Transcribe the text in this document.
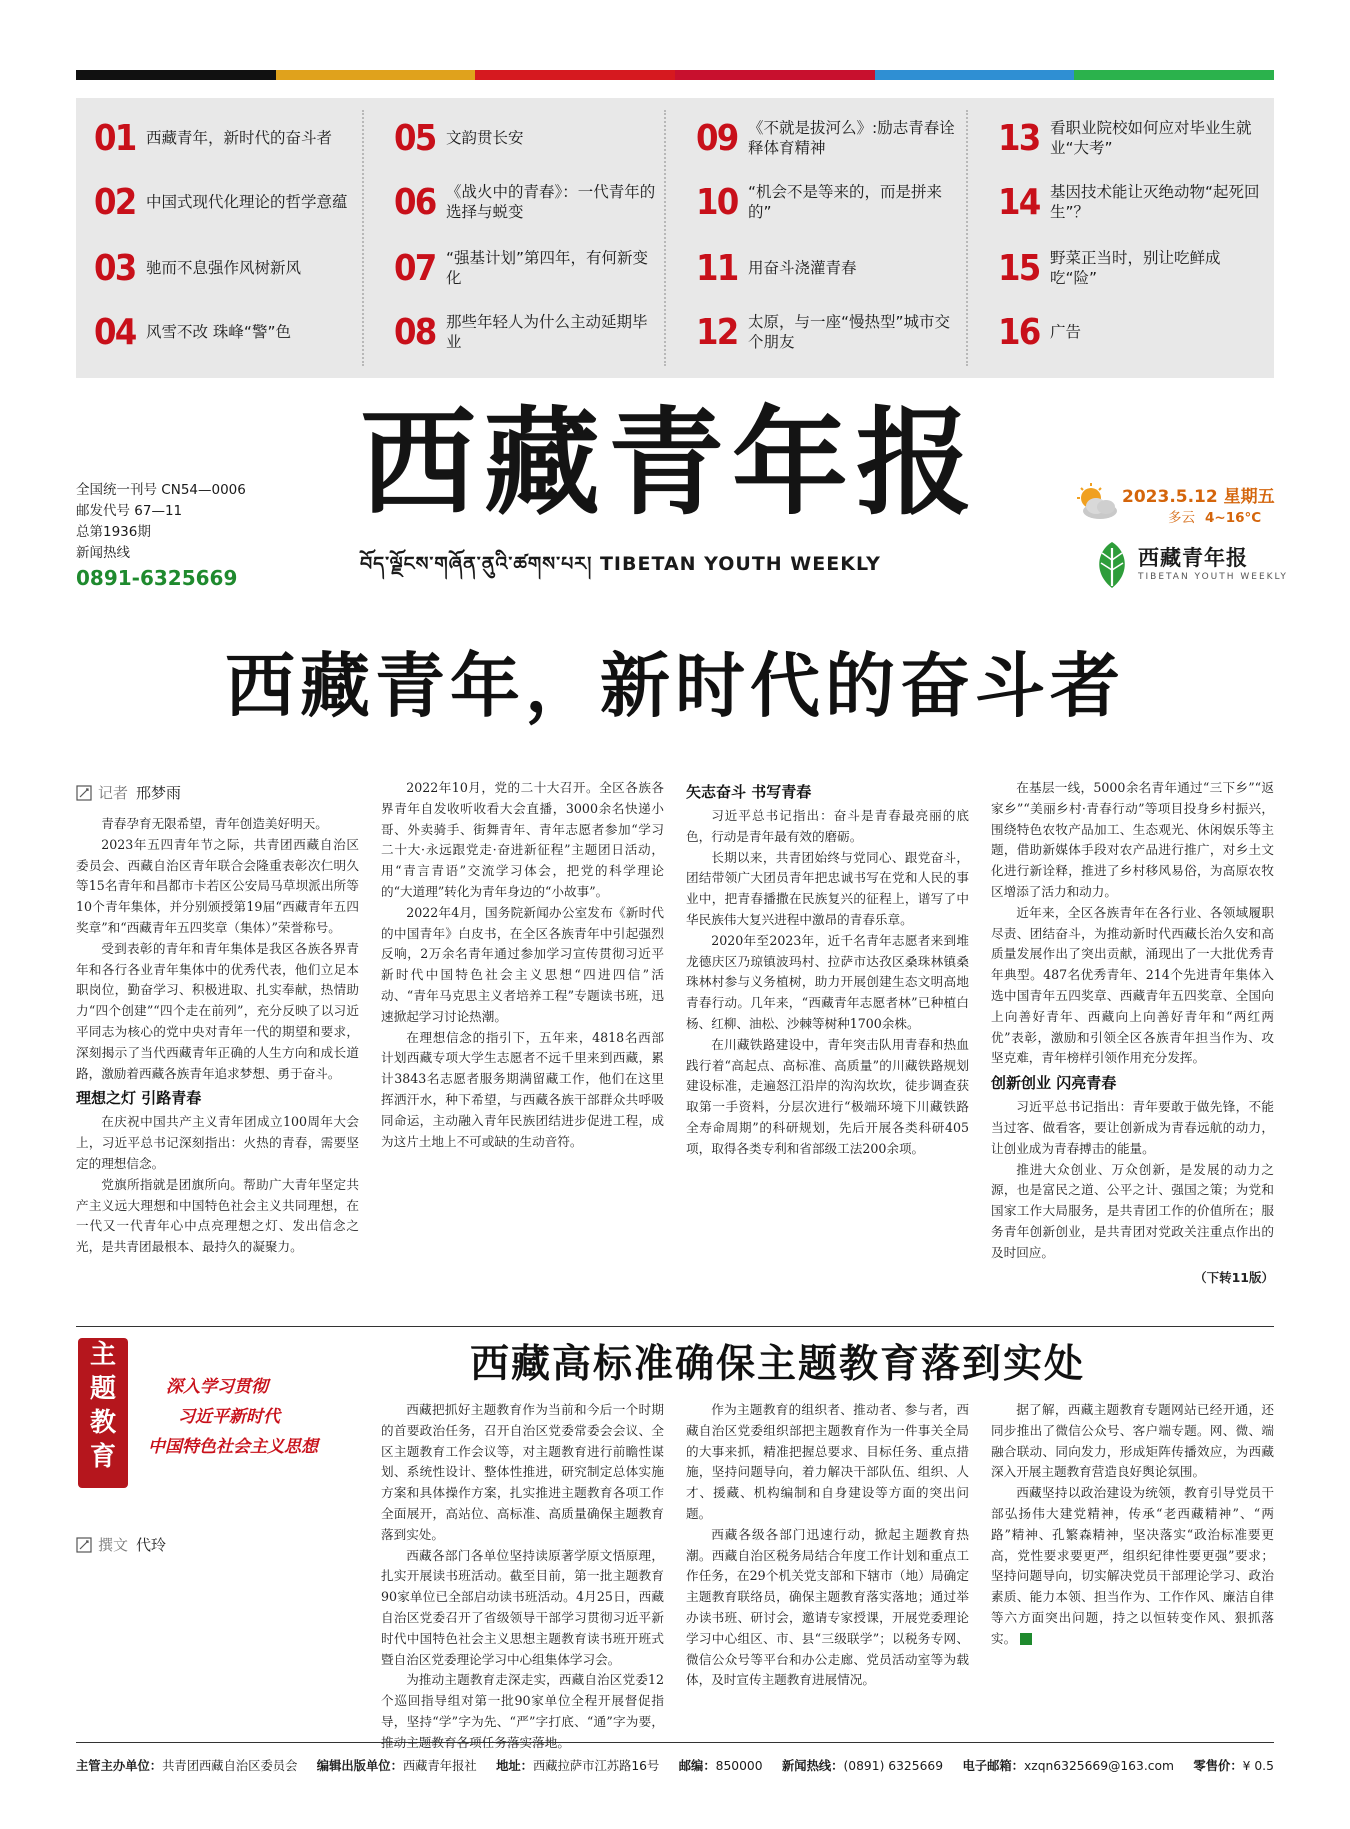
01 西藏青年，新时代的奋斗者
02 中国式现代化理论的哲学意蕴
03 驰而不息强作风树新风
04 风雪不改 珠峰“警”色
05 文韵贯长安
06 《战火中的青春》：一代青年的选择与蜕变
07 “强基计划”第四年，有何新变化
08 那些年轻人为什么主动延期毕业
09 《不就是拔河么》:励志青春诠释体育精神
10 “机会不是等来的，而是拼来的”
11 用奋斗浇灌青春
12 太原，与一座“慢热型”城市交个朋友
13 看职业院校如何应对毕业生就业“大考”
14 基因技术能让灭绝动物“起死回生”？
15 野菜正当时，别让吃鲜成吃“险”
16 广告
西藏青年报
བོད་ལྗོངས་གཞོན་ནུའི་ཚགས་པར། TIBETAN YOUTH WEEKLY
全国统一刊号 CN54—0006
邮发代号 67—11
总第1936期
新闻热线
0891-6325669
2023.5.12 星期五
多云 4~16°C
西藏青年报
TIBETAN YOUTH WEEKLY
西藏青年，新时代的奋斗者
记者 邢梦雨

青春孕育无限希望，青年创造美好明天。

2023年五四青年节之际，共青团西藏自治区委员会、西藏自治区青年联合会隆重表彰次仁明久等15名青年和昌都市卡若区公安局马草坝派出所等10个青年集体，并分别颁授第19届“西藏青年五四奖章”和“西藏青年五四奖章（集体）”荣誉称号。

受到表彰的青年和青年集体是我区各族各界青年和各行各业青年集体中的优秀代表，他们立足本职岗位，勤奋学习、积极进取、扎实奉献，热情助力“四个创建”“四个走在前列”，充分反映了以习近平同志为核心的党中央对青年一代的期望和要求，深刻揭示了当代西藏青年正确的人生方向和成长道路，激励着西藏各族青年追求梦想、勇于奋斗。

理想之灯 引路青春

在庆祝中国共产主义青年团成立100周年大会上，习近平总书记深刻指出：火热的青春，需要坚定的理想信念。

党旗所指就是团旗所向。帮助广大青年坚定共产主义远大理想和中国特色社会主义共同理想，在一代又一代青年心中点亮理想之灯、发出信念之光，是共青团最根本、最持久的凝聚力。

2022年10月，党的二十大召开。全区各族各界青年自发收听收看大会直播，3000余名快递小哥、外卖骑手、街舞青年、青年志愿者参加“学习二十大·永远跟党走·奋进新征程”主题团日活动，用“青言青语”交流学习体会，把党的科学理论的“大道理”转化为青年身边的“小故事”。

2022年4月，国务院新闻办公室发布《新时代的中国青年》白皮书，在全区各族青年中引起强烈反响，2万余名青年通过参加学习宣传贯彻习近平新时代中国特色社会主义思想“四进四信”活动、“青年马克思主义者培养工程”专题读书班，迅速掀起学习讨论热潮。

在理想信念的指引下，五年来，4818名西部计划西藏专项大学生志愿者不远千里来到西藏，累计3843名志愿者服务期满留藏工作，他们在这里挥洒汗水，种下希望，与西藏各族干部群众共呼吸同命运，主动融入青年民族团结进步促进工程，成为这片土地上不可或缺的生动音符。

矢志奋斗 书写青春

习近平总书记指出：奋斗是青春最亮丽的底色，行动是青年最有效的磨砺。

长期以来，共青团始终与党同心、跟党奋斗，团结带领广大团员青年把忠诚书写在党和人民的事业中，把青春播撒在民族复兴的征程上，谱写了中华民族伟大复兴进程中激昂的青春乐章。

2020年至2023年，近千名青年志愿者来到堆龙德庆区乃琼镇波玛村、拉萨市达孜区桑珠林镇桑珠林村参与义务植树，助力开展创建生态文明高地青春行动。几年来，“西藏青年志愿者林”已种植白杨、红柳、油松、沙棘等树种1700余株。

在川藏铁路建设中，青年突击队用青春和热血践行着“高起点、高标准、高质量”的川藏铁路规划建设标准，走遍怒江沿岸的沟沟坎坎，徒步调查获取第一手资料，分层次进行“极端环境下川藏铁路全寿命周期”的科研规划，先后开展各类科研405项，取得各类专利和省部级工法200余项。

在基层一线，5000余名青年通过“三下乡”“返家乡”“美丽乡村·青春行动”等项目投身乡村振兴，围绕特色农牧产品加工、生态观光、休闲娱乐等主题，借助新媒体手段对农产品进行推广，对乡土文化进行新诠释，推进了乡村移风易俗，为高原农牧区增添了活力和动力。

近年来，全区各族青年在各行业、各领域履职尽责、团结奋斗，为推动新时代西藏长治久安和高质量发展作出了突出贡献，涌现出了一大批优秀青年典型。487名优秀青年、214个先进青年集体入选中国青年五四奖章、西藏青年五四奖章、全国向上向善好青年、西藏向上向善好青年和“两红两优”表彰，激励和引领全区各族青年担当作为、攻坚克难，青年榜样引领作用充分发挥。

创新创业 闪亮青春

习近平总书记指出：青年要敢于做先锋，不能当过客、做看客，要让创新成为青春远航的动力，让创业成为青春搏击的能量。

推进大众创业、万众创新，是发展的动力之源，也是富民之道、公平之计、强国之策；为党和国家工作大局服务，是共青团工作的价值所在；服务青年创新创业，是共青团对党政关注重点作出的及时回应。

（下转11版）

主
题
教
育
深入学习贯彻
习近平新时代
中国特色社会主义思想
西藏高标准确保主题教育落到实处
撰文 代玲

西藏把抓好主题教育作为当前和今后一个时期的首要政治任务，召开自治区党委常委会会议、全区主题教育工作会议等，对主题教育进行前瞻性谋划、系统性设计、整体性推进，研究制定总体实施方案和具体操作方案，扎实推进主题教育各项工作全面展开，高站位、高标准、高质量确保主题教育落到实处。

西藏各部门各单位坚持读原著学原文悟原理，扎实开展读书班活动。截至目前，第一批主题教育90家单位已全部启动读书班活动。4月25日，西藏自治区党委召开了省级领导干部学习贯彻习近平新时代中国特色社会主义思想主题教育读书班开班式暨自治区党委理论学习中心组集体学习会。

为推动主题教育走深走实，西藏自治区党委12个巡回指导组对第一批90家单位全程开展督促指导，坚持“学”字为先、“严”字打底、“通”字为要，推动主题教育各项任务落实落地。

作为主题教育的组织者、推动者、参与者，西藏自治区党委组织部把主题教育作为一件事关全局的大事来抓，精准把握总要求、目标任务、重点措施，坚持问题导向，着力解决干部队伍、组织、人才、援藏、机构编制和自身建设等方面的突出问题。

西藏各级各部门迅速行动，掀起主题教育热潮。西藏自治区税务局结合年度工作计划和重点工作任务，在29个机关党支部和下辖市（地）局确定主题教育联络员，确保主题教育落实落地；通过举办读书班、研讨会，邀请专家授课，开展党委理论学习中心组区、市、县“三级联学”；以税务专网、微信公众号等平台和办公走廊、党员活动室等为载体，及时宣传主题教育进展情况。

据了解，西藏主题教育专题网站已经开通，还同步推出了微信公众号、客户端专题。网、微、端融合联动、同向发力，形成矩阵传播效应，为西藏深入开展主题教育营造良好舆论氛围。

西藏坚持以政治建设为统领，教育引导党员干部弘扬伟大建党精神，传承“老西藏精神”、“两路”精神、孔繁森精神，坚决落实“政治标准要更高，党性要求要更严，组织纪律性要更强”要求；坚持问题导向，切实解决党员干部理论学习、政治素质、能力本领、担当作为、工作作风、廉洁自律等六方面突出问题，持之以恒转变作风、狠抓落实。

主管主办单位：共青团西藏自治区委员会 编辑出版单位：西藏青年报社 地址：西藏拉萨市江苏路16号 邮编：850000 新闻热线：(0891) 6325669 电子邮箱：xzqn6325669@163.com 零售价：¥ 0.5
